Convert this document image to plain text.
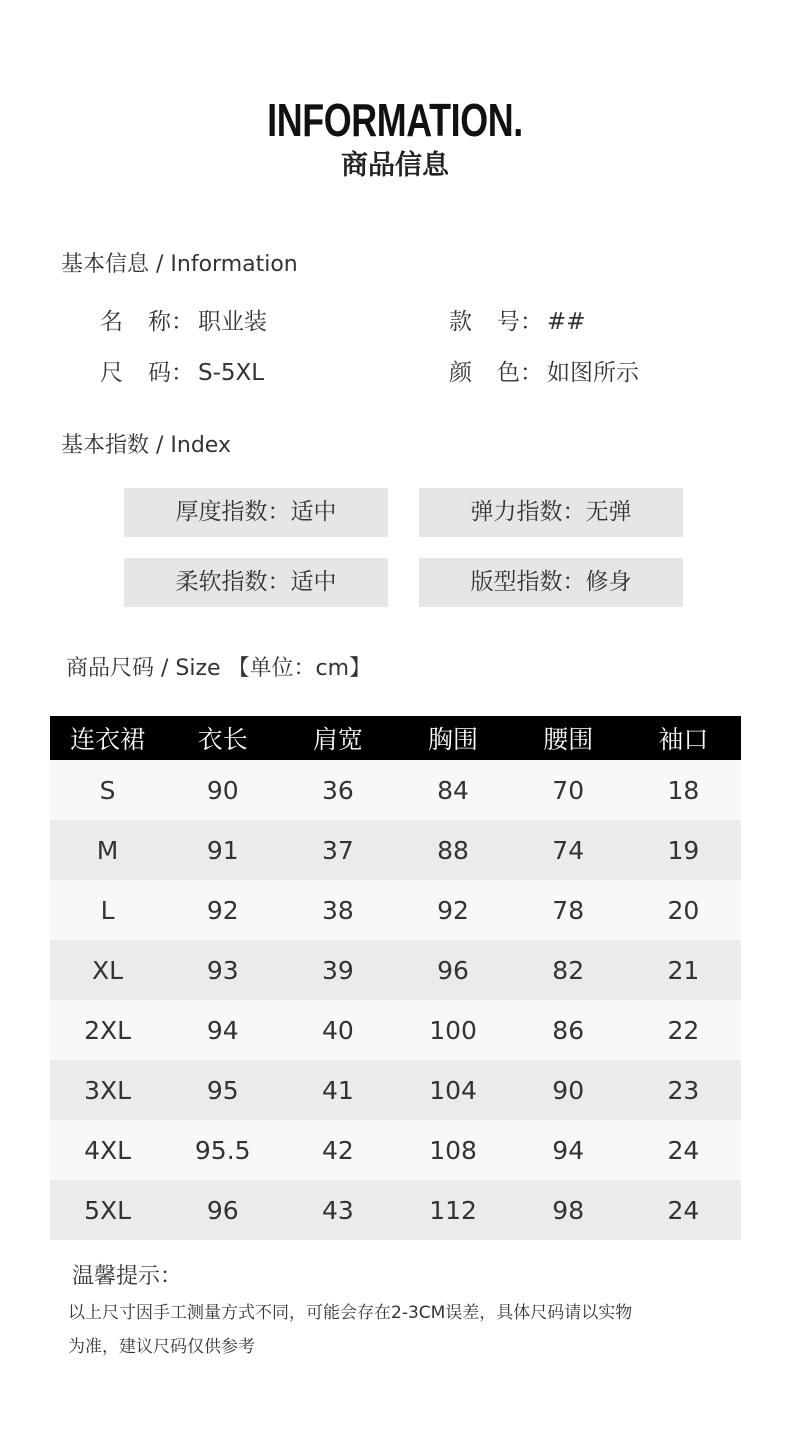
INFORMATION.
商品信息
基本信息 / Information
名 称： 职业装	款 号： ##
尺 码： S-5XL	颜 色： 如图所示
基本指数 / Index
厚度指数：适中	弹力指数：无弹
柔软指数：适中	版型指数：修身
商品尺码 / Size 【单位：cm】
连衣裙	衣长	肩宽	胸围	腰围	袖口
S	90	36	84	70	18
M	91	37	88	74	19
L	92	38	92	78	20
XL	93	39	96	82	21
2XL	94	40	100	86	22
3XL	95	41	104	90	23
4XL	95.5	42	108	94	24
5XL	96	43	112	98	24
温馨提示：
以上尺寸因手工测量方式不同，可能会存在2-3CM误差，具体尺码请以实物
为准，建议尺码仅供参考
